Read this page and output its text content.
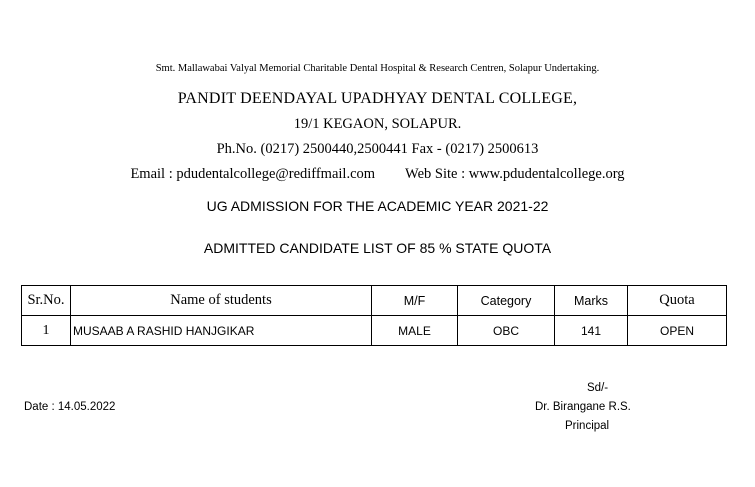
Smt. Mallawabai Valyal Memorial Charitable Dental Hospital & Research Centren, Solapur Undertaking.
PANDIT DEENDAYAL UPADHYAY DENTAL COLLEGE,
19/1 KEGAON, SOLAPUR.
Ph.No. (0217) 2500440,2500441 Fax - (0217) 2500613
Email : pdudentalcollege@rediffmail.com Web Site : www.pdudentalcollege.org
UG ADMISSION FOR THE ACADEMIC YEAR 2021-22
ADMITTED CANDIDATE LIST OF 85 % STATE QUOTA
Sr.No.	Name of students	M/F	Category	Marks	Quota
1	MUSAAB A RASHID HANJGIKAR	MALE	OBC	141	OPEN
Date : 14.05.2022
Sd/-
Dr. Birangane R.S.
Principal
